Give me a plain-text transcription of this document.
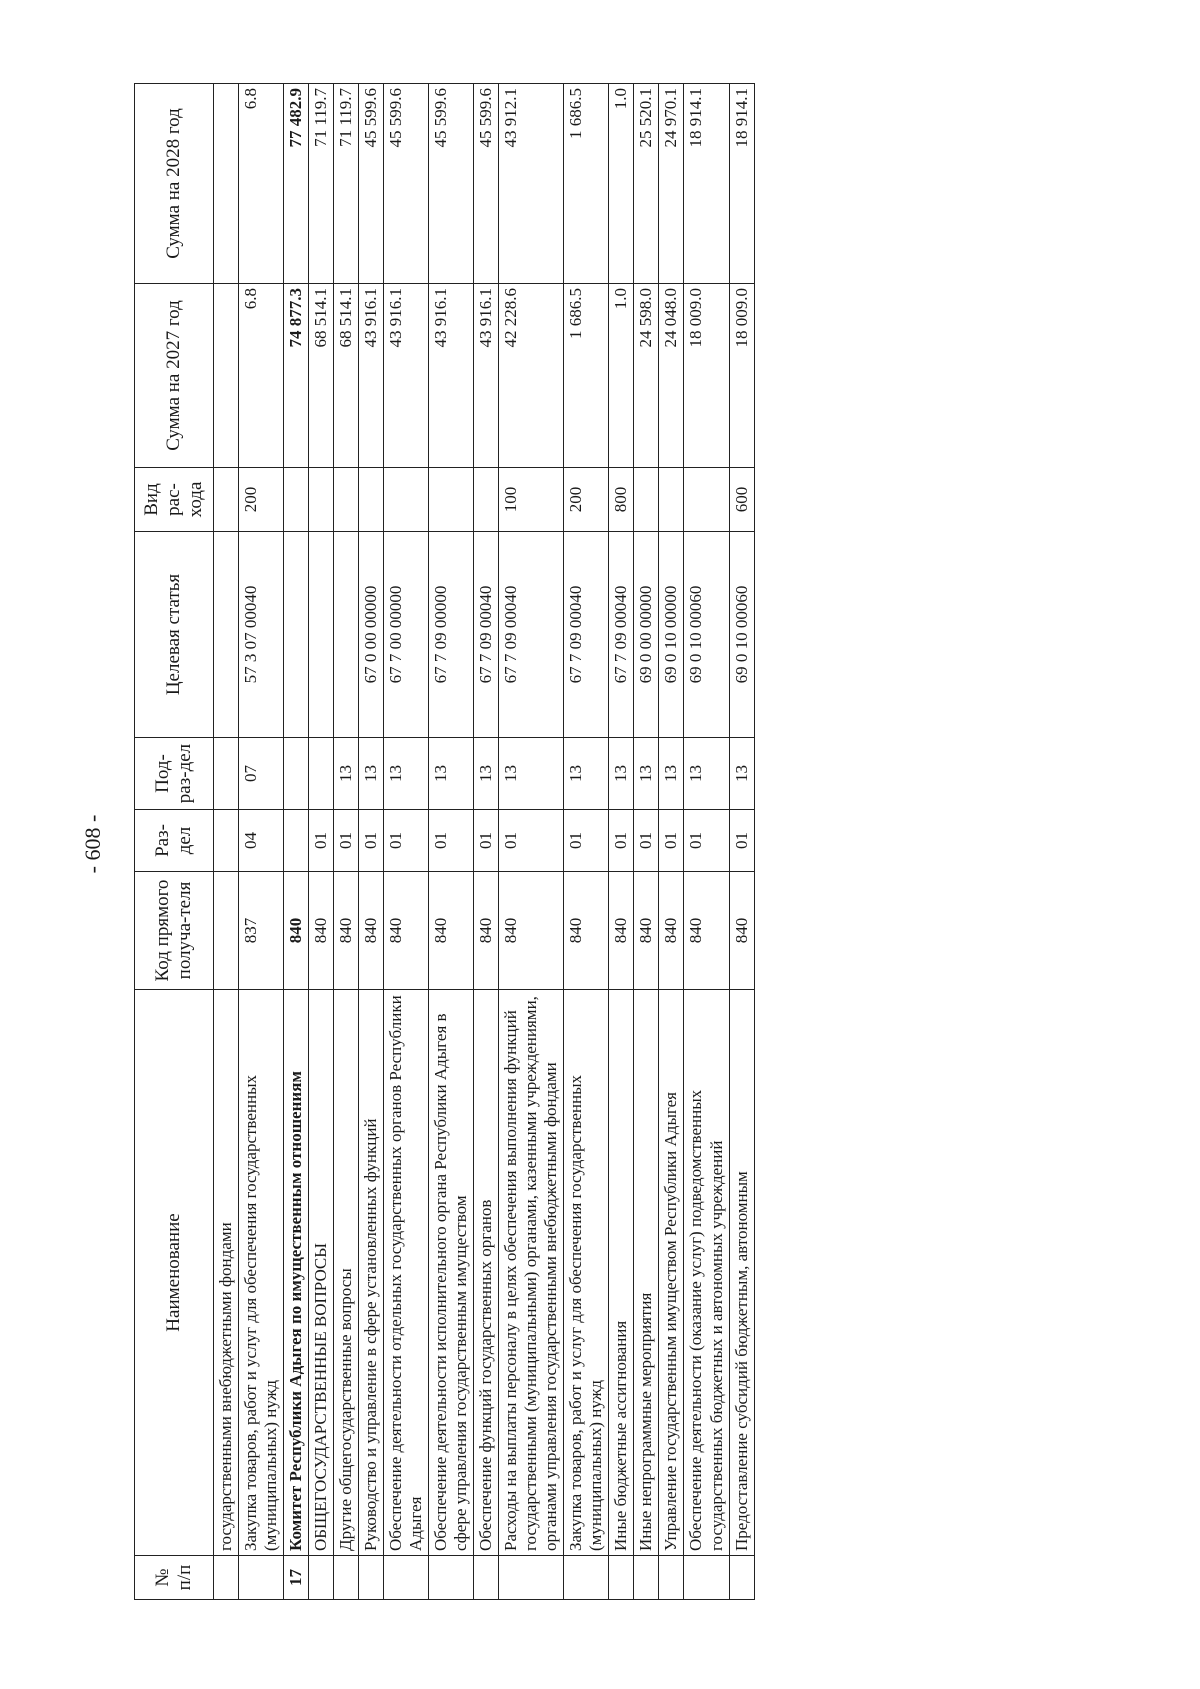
- 608 -
№ п/п	Наименование	Код прямого получа-теля	Раз-дел	Под-раз-дел	Целевая статья	Вид рас-хода	Сумма на 2027 год	Сумма на 2028 год
	государственными внебюджетными фондами							
	Закупка товаров, работ и услуг для обеспечения государственных (муниципальных) нужд	837	04	07	57 3 07 00040	200	6.8	6.8
17	Комитет Республики Адыгея по имущественным отношениям	840					74 877.3	77 482.9
	ОБЩЕГОСУДАРСТВЕННЫЕ ВОПРОСЫ	840	01				68 514.1	71 119.7
	Другие общегосударственные вопросы	840	01	13			68 514.1	71 119.7
	Руководство и управление в сфере установленных функций	840	01	13	67 0 00 00000		43 916.1	45 599.6
	Обеспечение деятельности отдельных государственных органов Республики Адыгея	840	01	13	67 7 00 00000		43 916.1	45 599.6
	Обеспечение деятельности исполнительного органа Республики Адыгея в сфере управления государственным имуществом	840	01	13	67 7 09 00000		43 916.1	45 599.6
	Обеспечение функций государственных органов	840	01	13	67 7 09 00040		43 916.1	45 599.6
	Расходы на выплаты персоналу в целях обеспечения выполнения функций государственными (муниципальными) органами, казенными учреждениями, органами управления государственными внебюджетными фондами	840	01	13	67 7 09 00040	100	42 228.6	43 912.1
	Закупка товаров, работ и услуг для обеспечения государственных (муниципальных) нужд	840	01	13	67 7 09 00040	200	1 686.5	1 686.5
	Иные бюджетные ассигнования	840	01	13	67 7 09 00040	800	1.0	1.0
	Иные непрограммные мероприятия	840	01	13	69 0 00 00000		24 598.0	25 520.1
	Управление государственным имуществом Республики Адыгея	840	01	13	69 0 10 00000		24 048.0	24 970.1
	Обеспечение деятельности (оказание услуг) подведомственных государственных бюджетных и автономных учреждений	840	01	13	69 0 10 00060		18 009.0	18 914.1
	Предоставление субсидий бюджетным, автономным	840	01	13	69 0 10 00060	600	18 009.0	18 914.1
